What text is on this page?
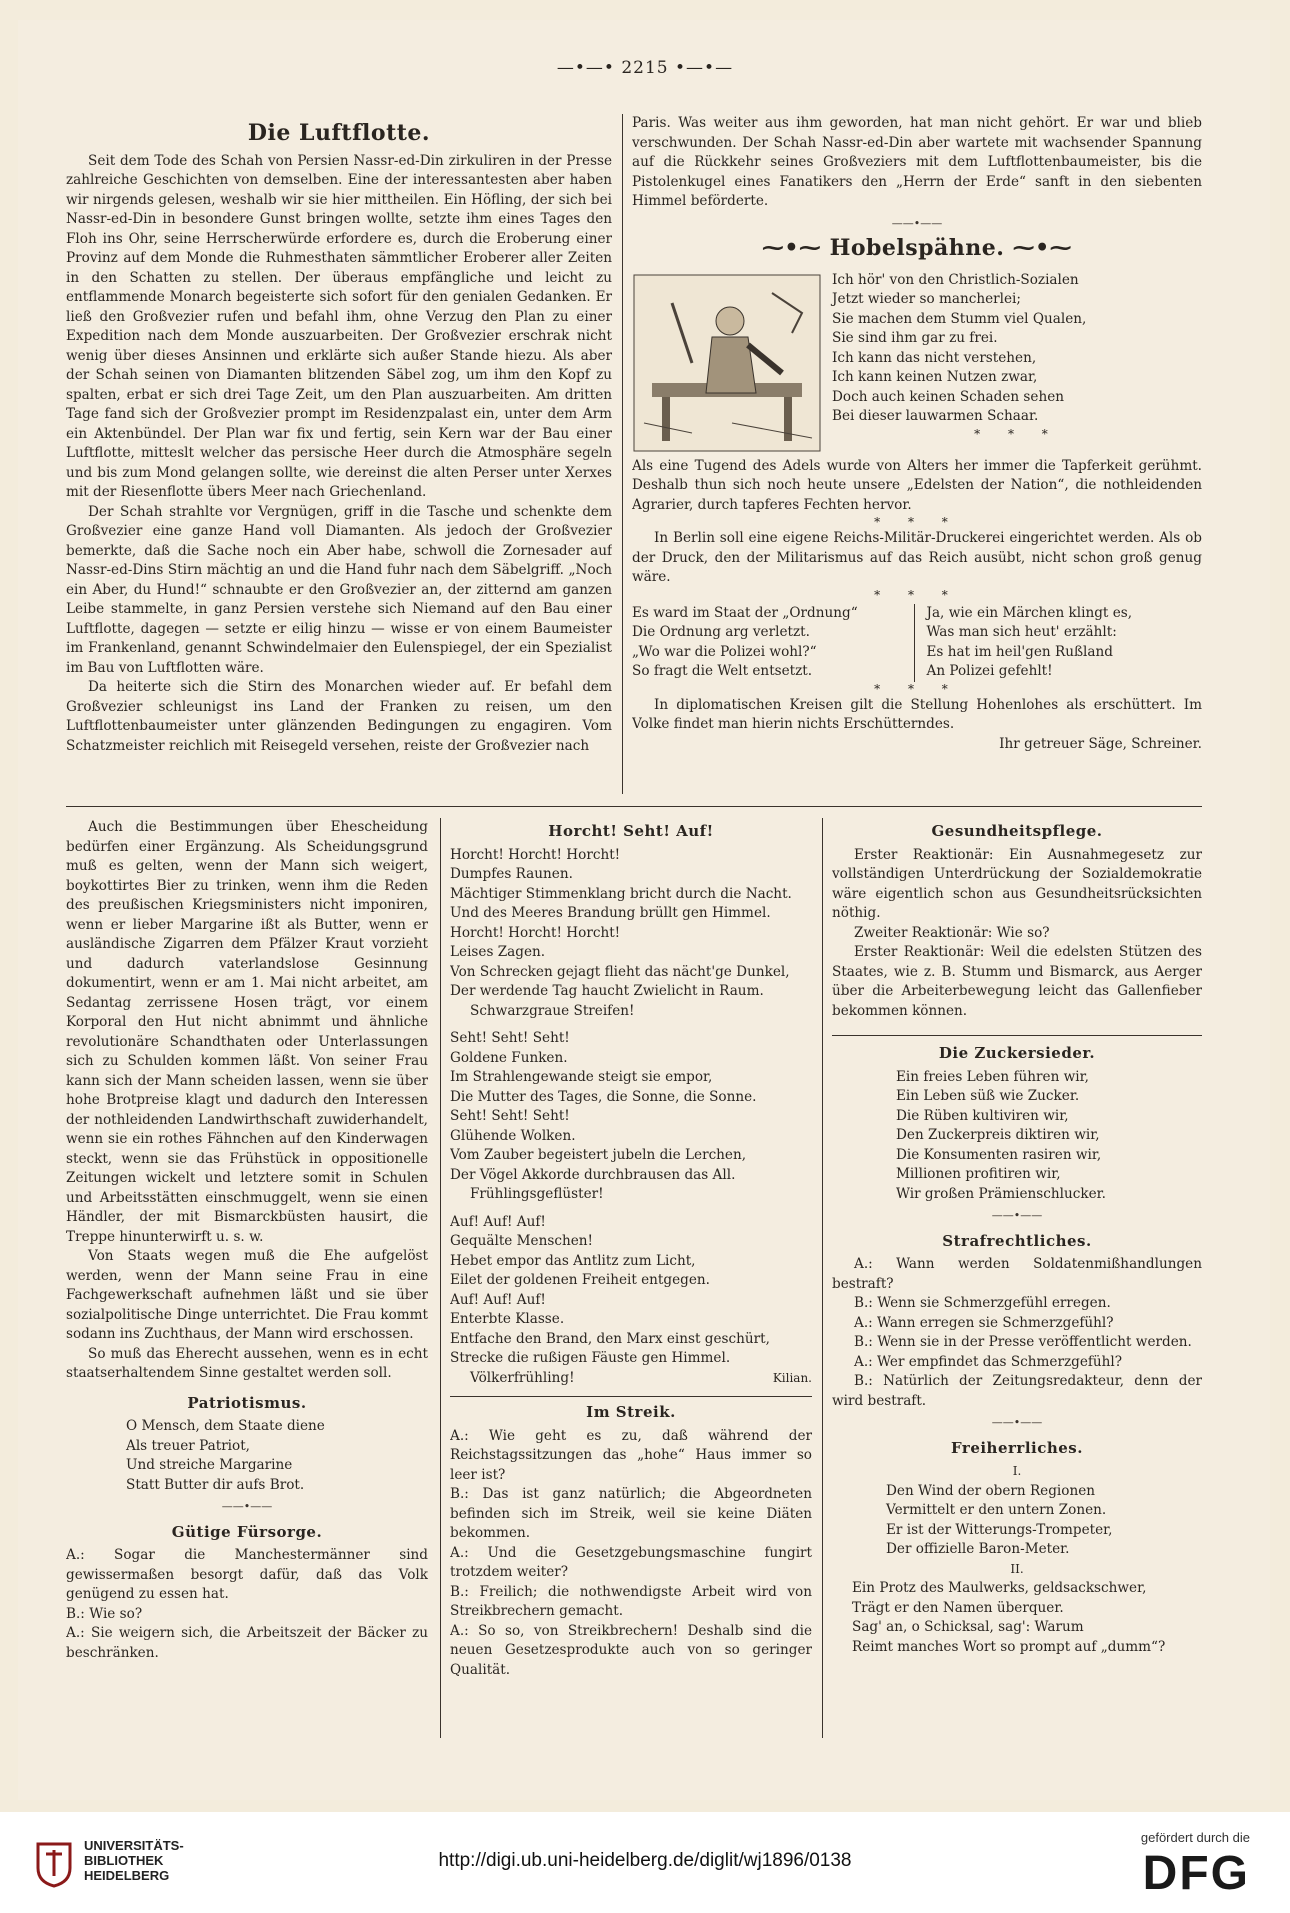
—•—• 2215 •—•—
Die Luftflotte.

Seit dem Tode des Schah von Persien Nassr-ed-Din zirkuliren in der Presse zahlreiche Geschichten von demselben. Eine der interessantesten aber haben wir nirgends gelesen, weshalb wir sie hier mittheilen. Ein Höfling, der sich bei Nassr-ed-Din in besondere Gunst bringen wollte, setzte ihm eines Tages den Floh ins Ohr, seine Herrscherwürde erfordere es, durch die Eroberung einer Provinz auf dem Monde die Ruhmesthaten sämmtlicher Eroberer aller Zeiten in den Schatten zu stellen. Der überaus empfängliche und leicht zu entflammende Monarch begeisterte sich sofort für den genialen Gedanken. Er ließ den Großvezier rufen und befahl ihm, ohne Verzug den Plan zu einer Expedition nach dem Monde auszuarbeiten. Der Großvezier erschrak nicht wenig über dieses Ansinnen und erklärte sich außer Stande hiezu. Als aber der Schah seinen von Diamanten blitzenden Säbel zog, um ihm den Kopf zu spalten, erbat er sich drei Tage Zeit, um den Plan auszuarbeiten. Am dritten Tage fand sich der Großvezier prompt im Residenzpalast ein, unter dem Arm ein Aktenbündel. Der Plan war fix und fertig, sein Kern war der Bau einer Luftflotte, mitteslt welcher das persische Heer durch die Atmosphäre segeln und bis zum Mond gelangen sollte, wie dereinst die alten Perser unter Xerxes mit der Riesenflotte übers Meer nach Griechenland.

Der Schah strahlte vor Vergnügen, griff in die Tasche und schenkte dem Großvezier eine ganze Hand voll Diamanten. Als jedoch der Großvezier bemerkte, daß die Sache noch ein Aber habe, schwoll die Zornesader auf Nassr-ed-Dins Stirn mächtig an und die Hand fuhr nach dem Säbelgriff. „Noch ein Aber, du Hund!“ schnaubte er den Großvezier an, der zitternd am ganzen Leibe stammelte, in ganz Persien verstehe sich Niemand auf den Bau einer Luftflotte, dagegen — setzte er eilig hinzu — wisse er von einem Baumeister im Frankenland, genannt Schwindelmaier den Eulenspiegel, der ein Spezialist im Bau von Luftflotten wäre.

Da heiterte sich die Stirn des Monarchen wieder auf. Er befahl dem Großvezier schleunigst ins Land der Franken zu reisen, um den Luftflottenbaumeister unter glänzenden Bedingungen zu engagiren. Vom Schatzmeister reichlich mit Reisegeld versehen, reiste der Großvezier nach

Paris. Was weiter aus ihm geworden, hat man nicht gehört. Er war und blieb verschwunden. Der Schah Nassr-ed-Din aber wartete mit wachsender Spannung auf die Rückkehr seines Großveziers mit dem Luftflottenbaumeister, bis die Pistolenkugel eines Fanatikers den „Herrn der Erde“ sanft in den siebenten Himmel beförderte.

——•——
⁓•⁓ Hobelspähne. ⁓•⁓
Ich hör' von den Christlich-Sozialen
Jetzt wieder so mancherlei;
Sie machen dem Stumm viel Qualen,
Sie sind ihm gar zu frei.
Ich kann das nicht verstehen,
Ich kann keinen Nutzen zwar,
Doch auch keinen Schaden sehen
Bei dieser lauwarmen Schaar.
* * *

Als eine Tugend des Adels wurde von Alters her immer die Tapferkeit gerühmt. Deshalb thun sich noch heute unsere „Edelsten der Nation“, die nothleidenden Agrarier, durch tapferes Fechten hervor.

* * *

In Berlin soll eine eigene Reichs-Militär-Druckerei eingerichtet werden. Als ob der Druck, den der Militarismus auf das Reich ausübt, nicht schon groß genug wäre.

* * *
Es ward im Staat der „Ordnung“
Die Ordnung arg verletzt.
„Wo war die Polizei wohl?“
So fragt die Welt entsetzt.
Ja, wie ein Märchen klingt es,
Was man sich heut' erzählt:
Es hat im heil'gen Rußland
An Polizei gefehlt!
* * *

In diplomatischen Kreisen gilt die Stellung Hohenlohes als erschüttert. Im Volke findet man hierin nichts Erschütterndes.

Ihr getreuer Säge, Schreiner.

Auch die Bestimmungen über Ehescheidung bedürfen einer Ergänzung. Als Scheidungsgrund muß es gelten, wenn der Mann sich weigert, boykottirtes Bier zu trinken, wenn ihm die Reden des preußischen Kriegsministers nicht imponiren, wenn er lieber Margarine ißt als Butter, wenn er ausländische Zigarren dem Pfälzer Kraut vorzieht und dadurch vaterlandslose Gesinnung dokumentirt, wenn er am 1. Mai nicht arbeitet, am Sedantag zerrissene Hosen trägt, vor einem Korporal den Hut nicht abnimmt und ähnliche revolutionäre Schandthaten oder Unterlassungen sich zu Schulden kommen läßt. Von seiner Frau kann sich der Mann scheiden lassen, wenn sie über hohe Brotpreise klagt und dadurch den Interessen der nothleidenden Landwirthschaft zuwiderhandelt, wenn sie ein rothes Fähnchen auf den Kinderwagen steckt, wenn sie das Frühstück in oppositionelle Zeitungen wickelt und letztere somit in Schulen und Arbeitsstätten einschmuggelt, wenn sie einen Händler, der mit Bismarckbüsten hausirt, die Treppe hinunterwirft u. s. w.

Von Staats wegen muß die Ehe aufgelöst werden, wenn der Mann seine Frau in eine Fachgewerkschaft aufnehmen läßt und sie über sozialpolitische Dinge unterrichtet. Die Frau kommt sodann ins Zuchthaus, der Mann wird erschossen.

So muß das Eherecht aussehen, wenn es in echt staatserhaltendem Sinne gestaltet werden soll.

Patriotismus.
O Mensch, dem Staate diene
Als treuer Patriot,
Und streiche Margarine
Statt Butter dir aufs Brot.
——•——
Gütige Fürsorge.

A.: Sogar die Manchestermänner sind gewissermaßen besorgt dafür, daß das Volk genügend zu essen hat.

B.: Wie so?

A.: Sie weigern sich, die Arbeitszeit der Bäcker zu beschränken.

Horcht! Seht! Auf!
Horcht! Horcht! Horcht!
Dumpfes Raunen.
Mächtiger Stimmenklang bricht durch die Nacht.
Und des Meeres Brandung brüllt gen Himmel.
Horcht! Horcht! Horcht!
Leises Zagen.
Von Schrecken gejagt flieht das nächt'ge Dunkel,
Der werdende Tag haucht Zwielicht in Raum.
Schwarzgraue Streifen!
Seht! Seht! Seht!
Goldene Funken.
Im Strahlengewande steigt sie empor,
Die Mutter des Tages, die Sonne, die Sonne.
Seht! Seht! Seht!
Glühende Wolken.
Vom Zauber begeistert jubeln die Lerchen,
Der Vögel Akkorde durchbrausen das All.
Frühlingsgeflüster!
Auf! Auf! Auf!
Gequälte Menschen!
Hebet empor das Antlitz zum Licht,
Eilet der goldenen Freiheit entgegen.
Auf! Auf! Auf!
Enterbte Klasse.
Entfache den Brand, den Marx einst geschürt,
Strecke die rußigen Fäuste gen Himmel.
Völkerfrühling!	Kilian.
Im Streik.

A.: Wie geht es zu, daß während der Reichstagssitzungen das „hohe“ Haus immer so leer ist?

B.: Das ist ganz natürlich; die Abgeordneten befinden sich im Streik, weil sie keine Diäten bekommen.

A.: Und die Gesetzgebungsmaschine fungirt trotzdem weiter?

B.: Freilich; die nothwendigste Arbeit wird von Streikbrechern gemacht.

A.: So so, von Streikbrechern! Deshalb sind die neuen Gesetzesprodukte auch von so geringer Qualität.

Gesundheitspflege.

Erster Reaktionär: Ein Ausnahmegesetz zur vollständigen Unterdrückung der Sozialdemokratie wäre eigentlich schon aus Gesundheitsrücksichten nöthig.

Zweiter Reaktionär: Wie so?

Erster Reaktionär: Weil die edelsten Stützen des Staates, wie z. B. Stumm und Bismarck, aus Aerger über die Arbeiterbewegung leicht das Gallenfieber bekommen können.

Die Zuckersieder.
Ein freies Leben führen wir,
Ein Leben süß wie Zucker.
Die Rüben kultiviren wir,
Den Zuckerpreis diktiren wir,
Die Konsumenten rasiren wir,
Millionen profitiren wir,
Wir großen Prämienschlucker.
——•——
Strafrechtliches.

A.: Wann werden Soldatenmißhandlungen bestraft?

B.: Wenn sie Schmerzgefühl erregen.

A.: Wann erregen sie Schmerzgefühl?

B.: Wenn sie in der Presse veröffentlicht werden.

A.: Wer empfindet das Schmerzgefühl?

B.: Natürlich der Zeitungsredakteur, denn der wird bestraft.

——•——
Freiherrliches.
I.
Den Wind der obern Regionen
Vermittelt er den untern Zonen.
Er ist der Witterungs-Trompeter,
Der offizielle Baron-Meter.
II.
Ein Protz des Maulwerks, geldsackschwer,
Trägt er den Namen überquer.
Sag' an, o Schicksal, sag': Warum
Reimt manches Wort so prompt auf „dumm“?
UNIVERSITÄTS-
BIBLIOTHEK
HEIDELBERG
http://digi.ub.uni-heidelberg.de/diglit/wj1896/0138
gefördert durch die
DFG
